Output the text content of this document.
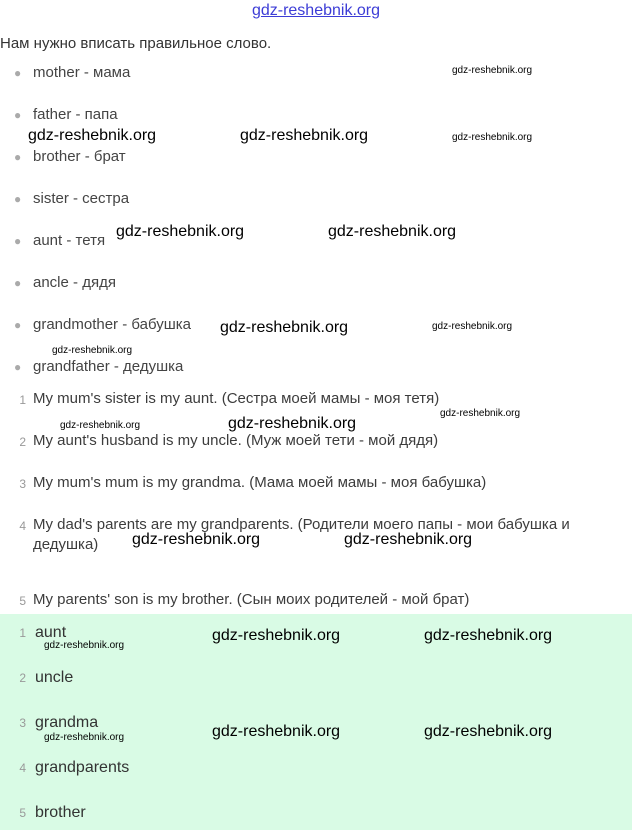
gdz-reshebnik.org
Нам нужно вписать правильное слово.
● mother - мама
● father - папа
● brother - брат
● sister - сестра
● aunt - тетя
● ancle - дядя
● grandmother - бабушка
● grandfather - дедушка
1 My mum's sister is my aunt. (Сестра моей мамы - моя тетя)
2 My aunt's husband is my uncle. (Муж моей тети - мой дядя)
3 My mum's mum is my grandma. (Мама моей мамы - моя бабушка)
4 My dad's parents are my grandparents. (Родители моего папы - мои бабушка и дедушка)
5 My parents' son is my brother. (Сын моих родителей - мой брат)
1 aunt
2 uncle
3 grandma
4 grandparents
5 brother
gdz-reshebnik.org
gdz-reshebnik.org	gdz-reshebnik.org	gdz-reshebnik.org
gdz-reshebnik.org	gdz-reshebnik.org
gdz-reshebnik.org	gdz-reshebnik.org
gdz-reshebnik.org
gdz-reshebnik.org
gdz-reshebnik.org
gdz-reshebnik.org
gdz-reshebnik.org	gdz-reshebnik.org
gdz-reshebnik.org	gdz-reshebnik.org
gdz-reshebnik.org
gdz-reshebnik.org	gdz-reshebnik.org
gdz-reshebnik.org
